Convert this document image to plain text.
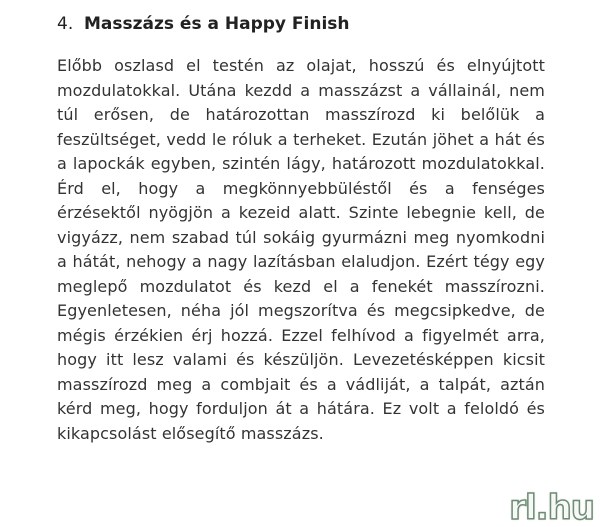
4. Masszázs és a Happy Finish

Előbb oszlasd el testén az olajat, hosszú és elnyújtott mozdulatokkal. Utána kezdd a masszázst a vállainál, nem túl erősen, de határozottan masszírozd ki belőlük a feszültséget, vedd le róluk a terheket. Ezután jöhet a hát és a lapockák egyben, szintén lágy, határozott mozdulatokkal. Érd el, hogy a megkönnyebbüléstől és a fenséges érzésektől nyögjön a kezeid alatt. Szinte lebegnie kell, de vigyázz, nem szabad túl sokáig gyurmázni meg nyomkodni a hátát, nehogy a nagy lazításban elaludjon. Ezért tégy egy meglepő mozdulatot és kezd el a fenekét masszírozni. Egyenletesen, néha jól megszorítva és megcsipkedve, de mégis érzékien érj hozzá. Ezzel felhívod a figyelmét arra, hogy itt lesz valami és készüljön. Levezetésképpen kicsit masszírozd meg a combjait és a vádliját, a talpát, aztán kérd meg, hogy forduljon át a hátára. Ez volt a feloldó és kikapcsolást elősegítő masszázs.

rl.hu
